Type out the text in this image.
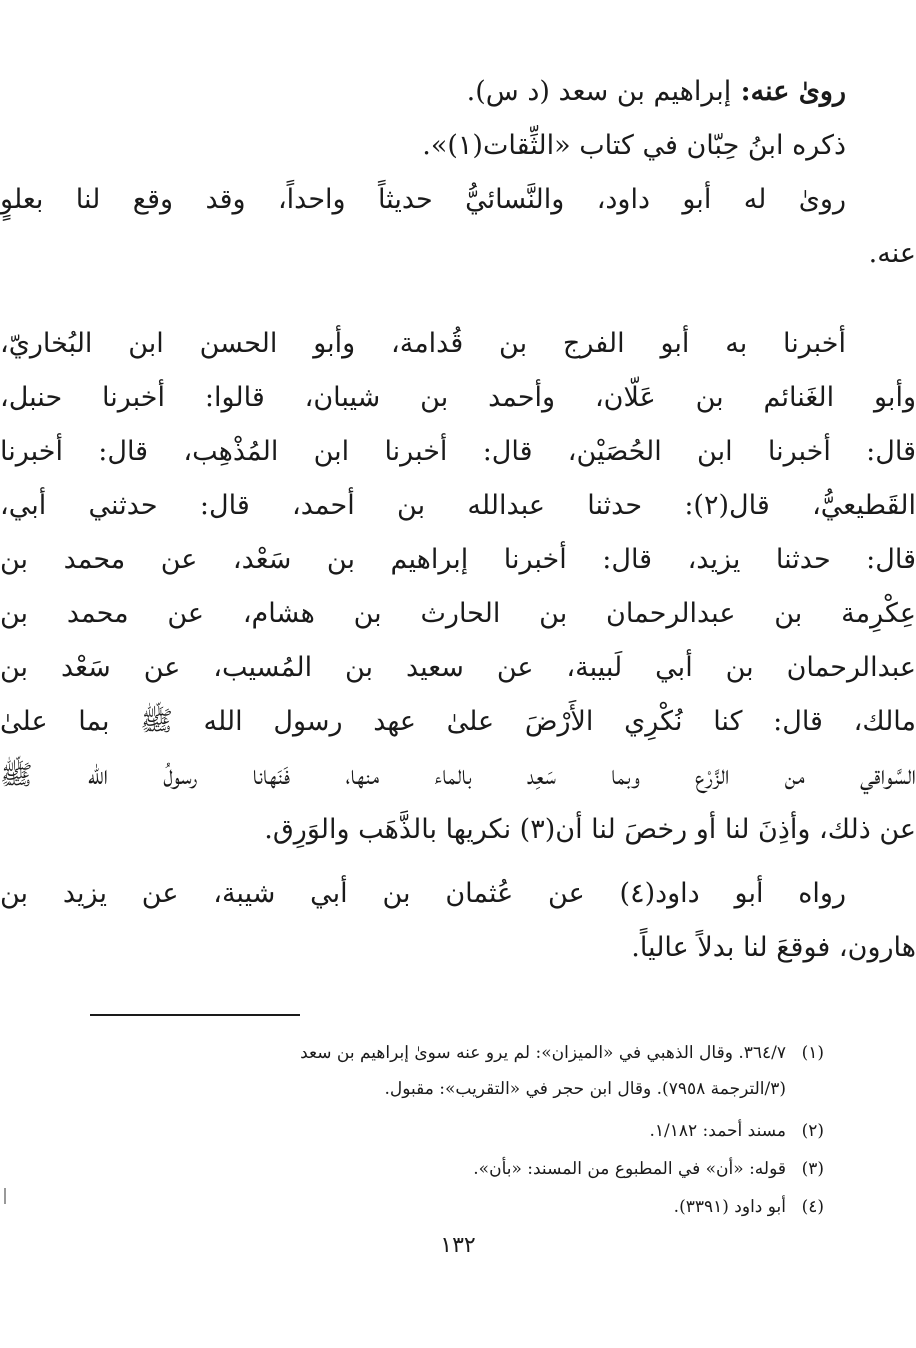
روىٰ عنه: إبراهيم بن سعد (د س).
ذكره ابنُ حِبّان في كتاب «الثِّقات(١)».
روىٰ له أبو داود، والنَّسائيُّ حديثاً واحداً، وقد وقع لنا بعلوٍ
عنه.
أخبرنا به أبو الفرج بن قُدامة، وأبو الحسن ابن البُخاريّ،
وأبو الغَنائم بن عَلّان، وأحمد بن شيبان، قالوا: أخبرنا حنبل،
قال: أخبرنا ابن الحُصَيْن، قال: أخبرنا ابن المُذْهِب، قال: أخبرنا
القَطيعيُّ، قال(٢): حدثنا عبدالله بن أحمد، قال: حدثني أبي،
قال: حدثنا يزيد، قال: أخبرنا إبراهيم بن سَعْد، عن محمد بن
عِكْرِمة بن عبدالرحمان بن الحارث بن هشام، عن محمد بن
عبدالرحمان بن أبي لَبيبة، عن سعيد بن المُسيب، عن سَعْد بن
مالك، قال: كنا نُكْرِي الأَرْضَ علىٰ عهد رسول الله ﷺ بما علىٰ
السَّواقي من الزَّرْع وبما سَعِد بالماء منها، فَنَهانا رسولُ الله ﷺ
عن ذلك، وأذِنَ لنا أو رخصَ لنا أن(٣) نكريها بالذَّهَب والوَرِق.
رواه أبو داود(٤) عن عُثمان بن أبي شيبة، عن يزيد بن
هارون، فوقعَ لنا بدلاً عالياً.
(١)٣٦٤/٧. وقال الذهبي في «الميزان»: لم يرو عنه سوىٰ إبراهيم بن سعد
(٣/الترجمة ٧٩٥٨). وقال ابن حجر في «التقريب»: مقبول.
(٢)مسند أحمد: ١/١٨٢.
(٣)قوله: «أن» في المطبوع من المسند: «بأن».
(٤)أبو داود (٣٣٩١).
١٣٢
